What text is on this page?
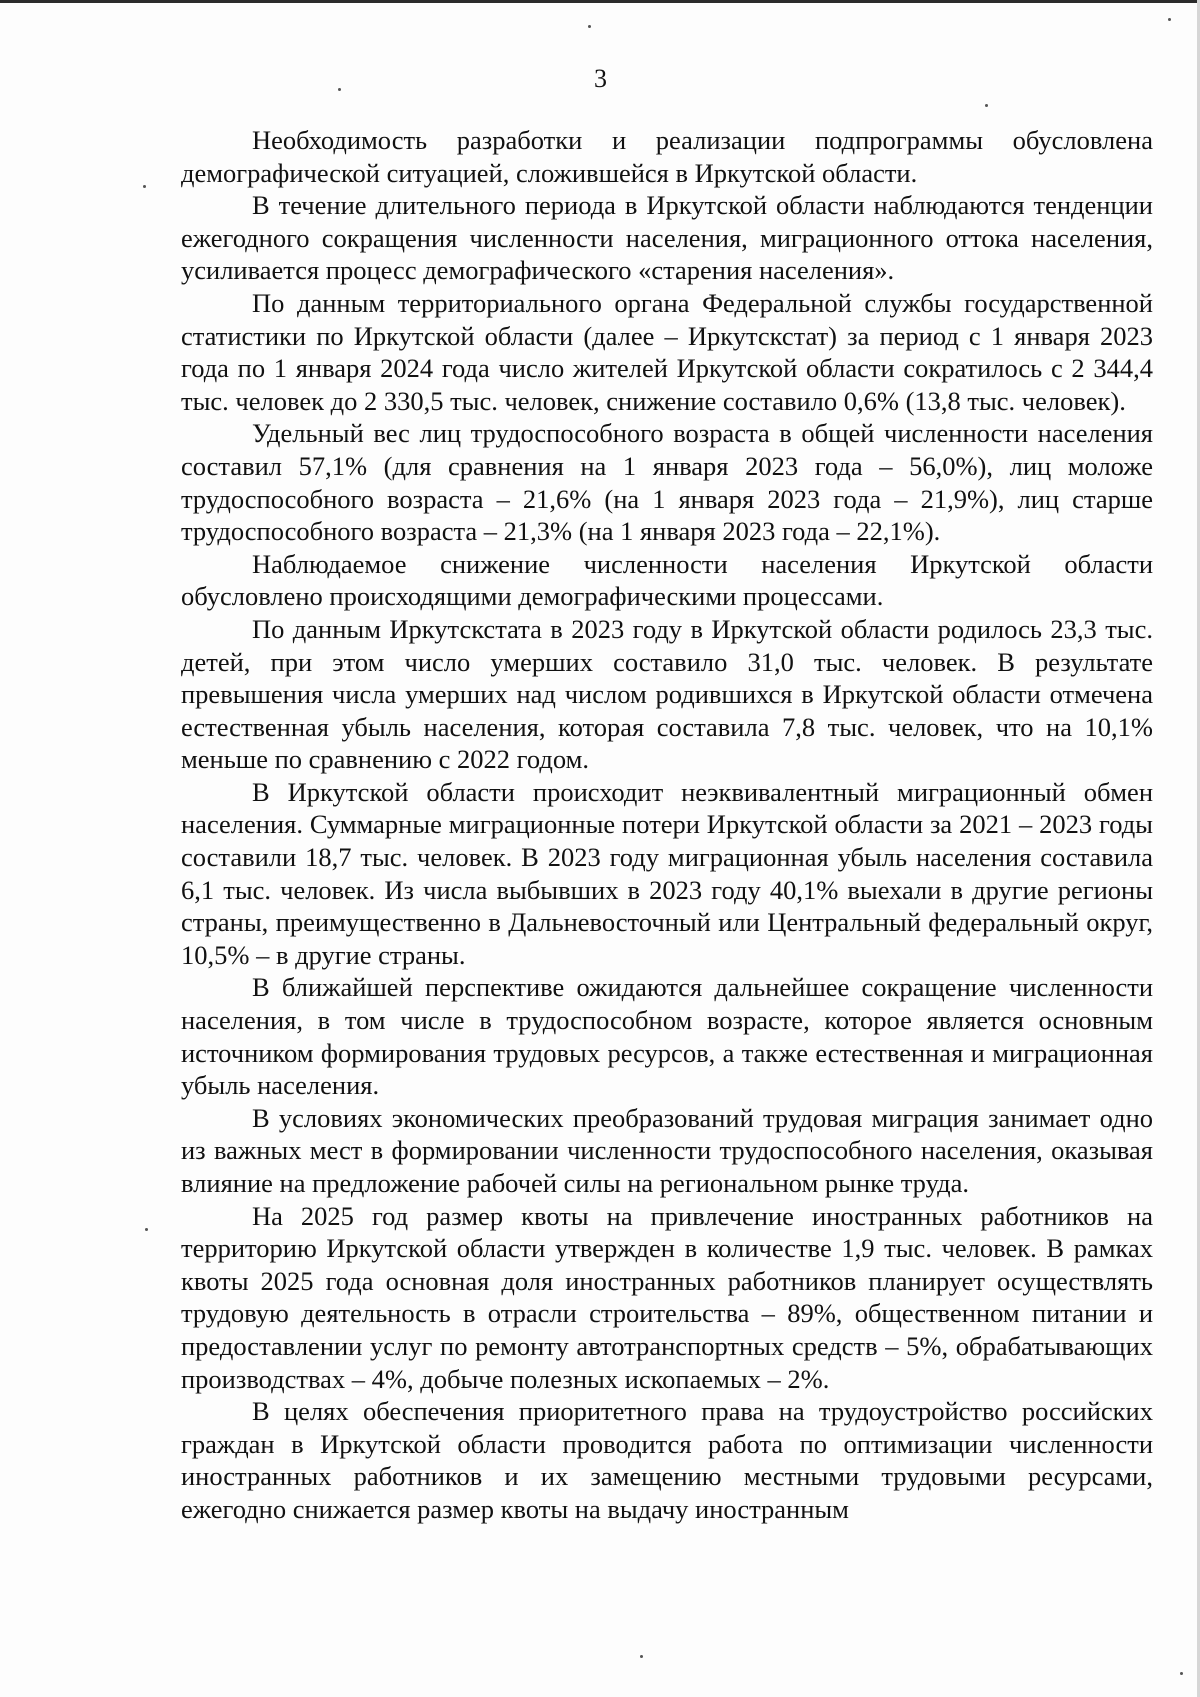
3

Необходимость разработки и реализации подпрограммы обусловлена демографической ситуацией, сложившейся в Иркутской области.

В течение длительного периода в Иркутской области наблюдаются тенденции ежегодного сокращения численности населения, миграционного оттока населения, усиливается процесс демографического «старения населения».

По данным территориального органа Федеральной службы государственной статистики по Иркутской области (далее – Иркутскстат) за период с 1 января 2023 года по 1 января 2024 года число жителей Иркутской области сократилось с 2 344,4 тыс. человек до 2 330,5 тыс. человек, снижение составило 0,6% (13,8 тыс. человек).

Удельный вес лиц трудоспособного возраста в общей численности населения составил 57,1% (для сравнения на 1 января 2023 года – 56,0%), лиц моложе трудоспособного возраста – 21,6% (на 1 января 2023 года – 21,9%), лиц старше трудоспособного возраста – 21,3% (на 1 января 2023 года – 22,1%).

Наблюдаемое снижение численности населения Иркутской области обусловлено происходящими демографическими процессами.

По данным Иркутскстата в 2023 году в Иркутской области родилось 23,3 тыс. детей, при этом число умерших составило 31,0 тыс. человек. В результате превышения числа умерших над числом родившихся в Иркутской области отмечена естественная убыль населения, которая составила 7,8 тыс. человек, что на 10,1% меньше по сравнению с 2022 годом.

В Иркутской области происходит неэквивалентный миграционный обмен населения. Суммарные миграционные потери Иркутской области за 2021 – 2023 годы составили 18,7 тыс. человек. В 2023 году миграционная убыль населения составила 6,1 тыс. человек. Из числа выбывших в 2023 году 40,1% выехали в другие регионы страны, преимущественно в Дальневосточный или Центральный федеральный округ, 10,5% – в другие страны.

В ближайшей перспективе ожидаются дальнейшее сокращение численности населения, в том числе в трудоспособном возрасте, которое является основным источником формирования трудовых ресурсов, а также естественная и миграционная убыль населения.

В условиях экономических преобразований трудовая миграция занимает одно из важных мест в формировании численности трудоспособного населения, оказывая влияние на предложение рабочей силы на региональном рынке труда.

На 2025 год размер квоты на привлечение иностранных работников на территорию Иркутской области утвержден в количестве 1,9 тыс. человек. В рамках квоты 2025 года основная доля иностранных работников планирует осуществлять трудовую деятельность в отрасли строительства – 89%, общественном питании и предоставлении услуг по ремонту автотранспортных средств – 5%, обрабатывающих производствах – 4%, добыче полезных ископаемых – 2%.

В целях обеспечения приоритетного права на трудоустройство российских граждан в Иркутской области проводится работа по оптимизации численности иностранных работников и их замещению местными трудовыми ресурсами, ежегодно снижается размер квоты на выдачу иностранным
